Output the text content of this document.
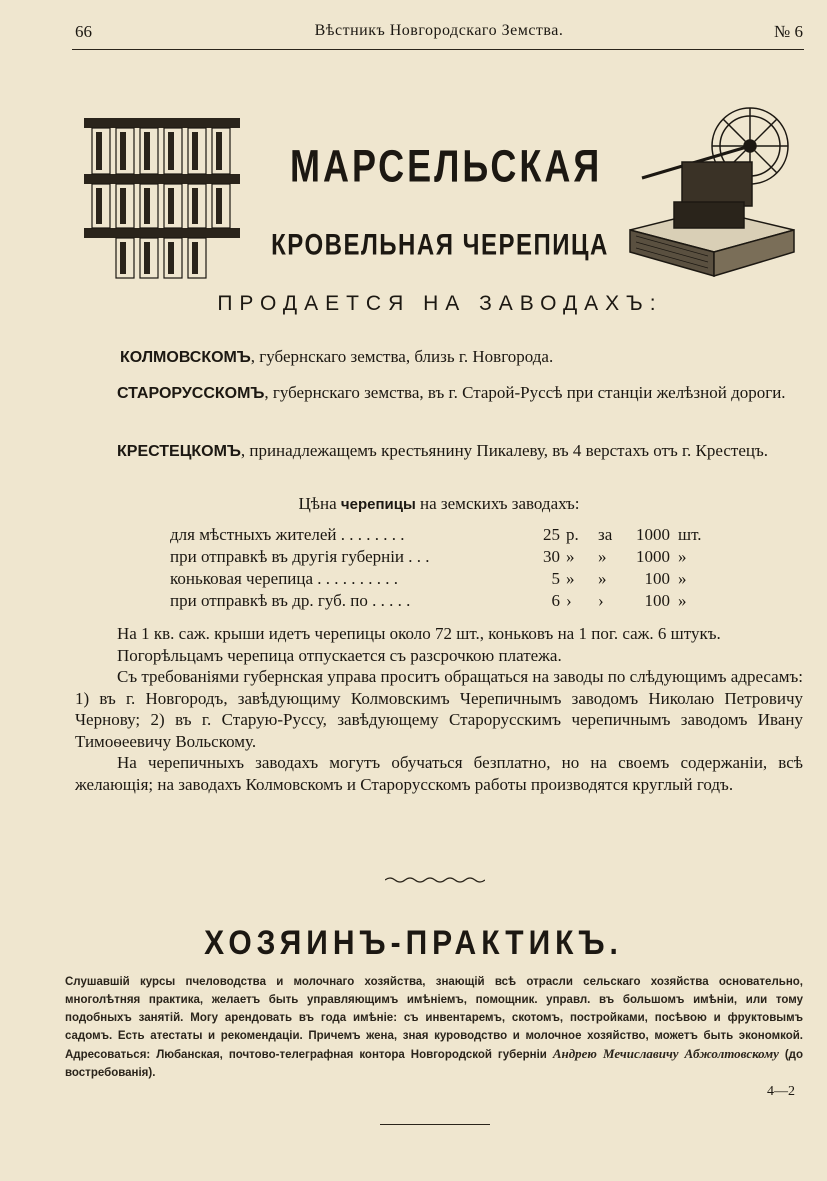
66	Вѣстникъ Новгородскаго Земства.	№ 6
МАРСЕЛЬСКАЯ
КРОВЕЛЬНАЯ ЧЕРЕПИЦА
ПРОДАЕТСЯ НА ЗАВОДАХЪ:
КОЛМОВСКОМЪ, губернскаго земства, близь г. Новгорода.
СТАРОРУССКОМЪ, губернскаго земства, въ г. Старой-Руссѣ при станціи желѣзной дороги.
КРЕСТЕЦКОМЪ, принадлежащемъ крестьянину Пикалеву, въ 4 верстахъ отъ г. Крестецъ.
Цѣна черепицы на земскихъ заводахъ:
для мѣстныхъ жителей . . . . . . . .	25 р. за	1000 шт.
при отправкѣ въ другія губерніи . . .	30 » »	1000 »
коньковая черепица . . . . . . . . . .	5 » »	100 »
при отправкѣ въ др. губ. по . . . . .	6 › ›	100 »
На 1 кв. саж. крыши идетъ черепицы около 72 шт., коньковъ на 1 пог. саж. 6 штукъ.
Погорѣльцамъ черепица отпускается съ разсрочкою платежа.
Съ требованіями губернская управа проситъ обращаться на заводы по слѣдующимъ адресамъ: 1) въ г. Новгородъ, завѣдующиму Колмовскимъ Черепичнымъ заводомъ Николаю Петровичу Чернову; 2) въ г. Старую-Руссу, завѣдующему Старорусскимъ черепичнымъ заводомъ Ивану Тимоѳеевичу Вольскому.
На черепичныхъ заводахъ могутъ обучаться безплатно, но на своемъ содержаніи, всѣ желающія; на заводахъ Колмовскомъ и Старорусскомъ работы производятся круглый годъ.
ХОЗЯИНЪ-ПРАКТИКЪ.
Слушавшій курсы пчеловодства и молочнаго хозяйства, знающій всѣ отрасли сельскаго хозяйства основательно, многолѣтняя практика, желаетъ быть управляющимъ имѣніемъ, помощник. управл. въ большомъ имѣніи, или тому подобныхъ занятій. Могу арендовать въ года имѣніе: съ инвентаремъ, скотомъ, постройками, посѣвою и фруктовымъ садомъ. Есть атестаты и рекомендаціи. Причемъ жена, зная куроводство и молочное хозяйство, можетъ быть экономкой. Адресоваться: Любанская, почтово-телеграфная контора Новгородской губерніи Андрею Мечиславичу Абжолтовскому (до востребованія).
4—2
